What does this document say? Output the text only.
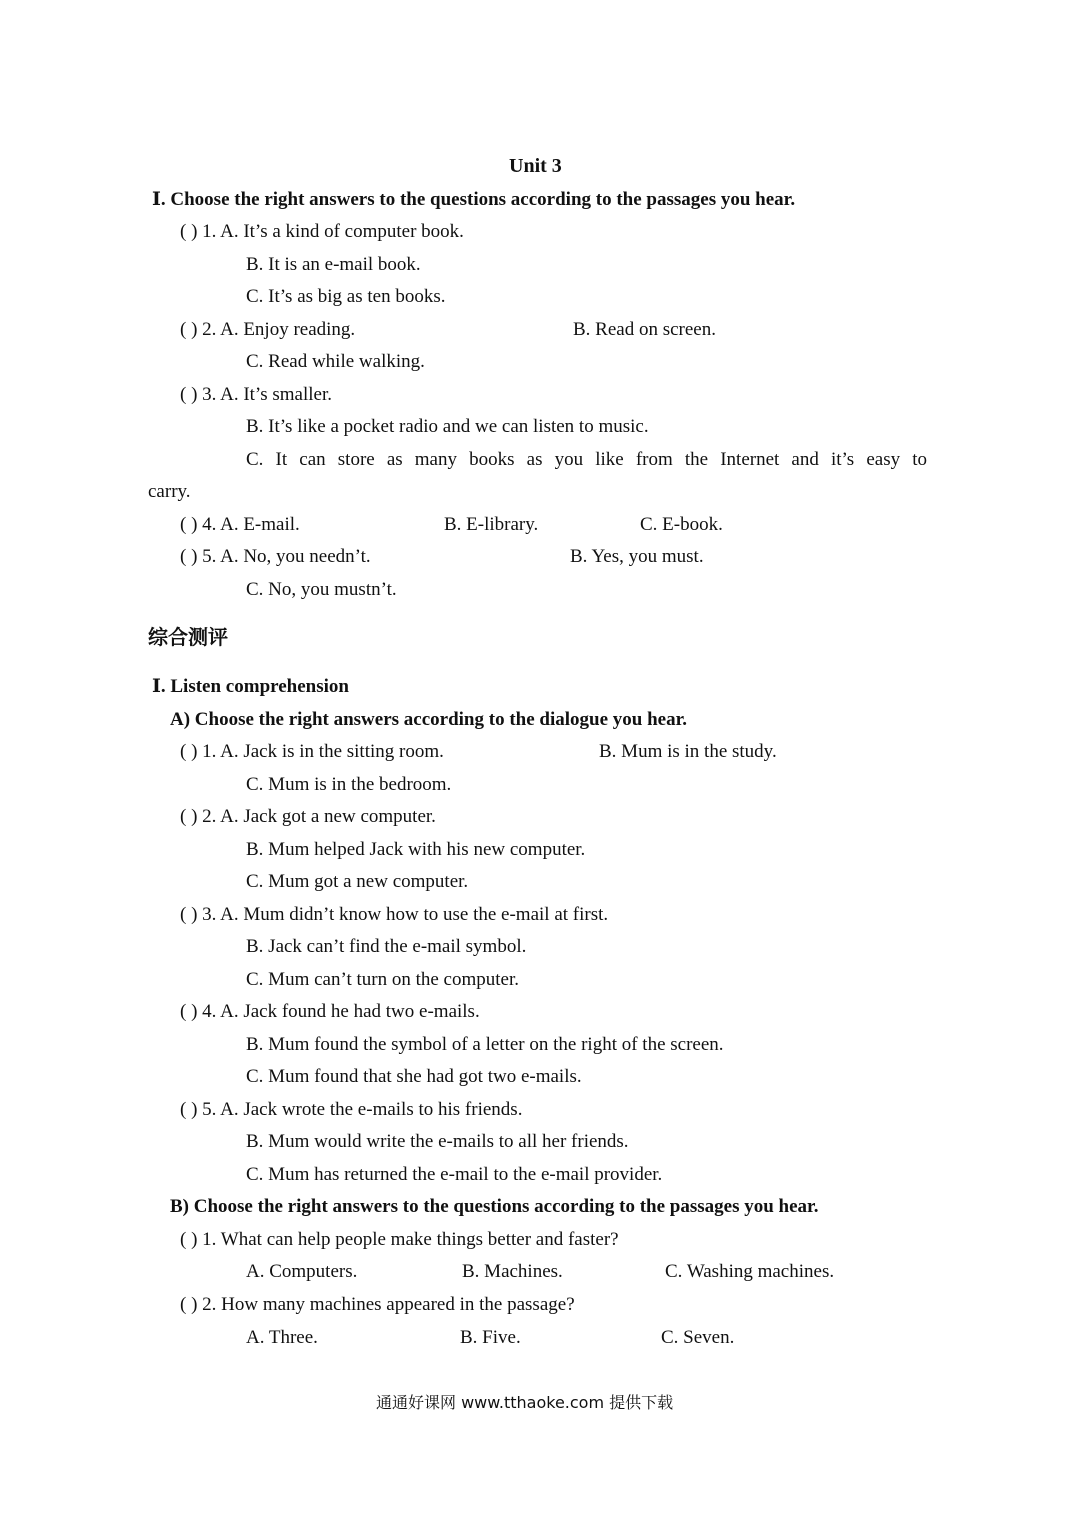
Unit 3
Ⅰ. Choose the right answers to the questions according to the passages you hear.
( ) 1. A. It’s a kind of computer book.
B. It is an e-mail book.
C. It’s as big as ten books.
( ) 2. A. Enjoy reading.	B. Read on screen.
C. Read while walking.
( ) 3. A. It’s smaller.
B. It’s like a pocket radio and we can listen to music.
C. It can store as many books as you like from the Internet and it’s easy to
carry.
( ) 4. A. E-mail.	B. E-library.	C. E-book.
( ) 5. A. No, you needn’t.	B. Yes, you must.
C. No, you mustn’t.
综合测评
Ⅰ. Listen comprehension
A) Choose the right answers according to the dialogue you hear.
( ) 1. A. Jack is in the sitting room.	B. Mum is in the study.
C. Mum is in the bedroom.
( ) 2. A. Jack got a new computer.
B. Mum helped Jack with his new computer.
C. Mum got a new computer.
( ) 3. A. Mum didn’t know how to use the e-mail at first.
B. Jack can’t find the e-mail symbol.
C. Mum can’t turn on the computer.
( ) 4. A. Jack found he had two e-mails.
B. Mum found the symbol of a letter on the right of the screen.
C. Mum found that she had got two e-mails.
( ) 5. A. Jack wrote the e-mails to his friends.
B. Mum would write the e-mails to all her friends.
C. Mum has returned the e-mail to the e-mail provider.
B) Choose the right answers to the questions according to the passages you hear.
( ) 1. What can help people make things better and faster?
A. Computers.	B. Machines.	C. Washing machines.
( ) 2. How many machines appeared in the passage?
A. Three.	B. Five.	C. Seven.
通通好课网 www.tthaoke.com 提供下载
